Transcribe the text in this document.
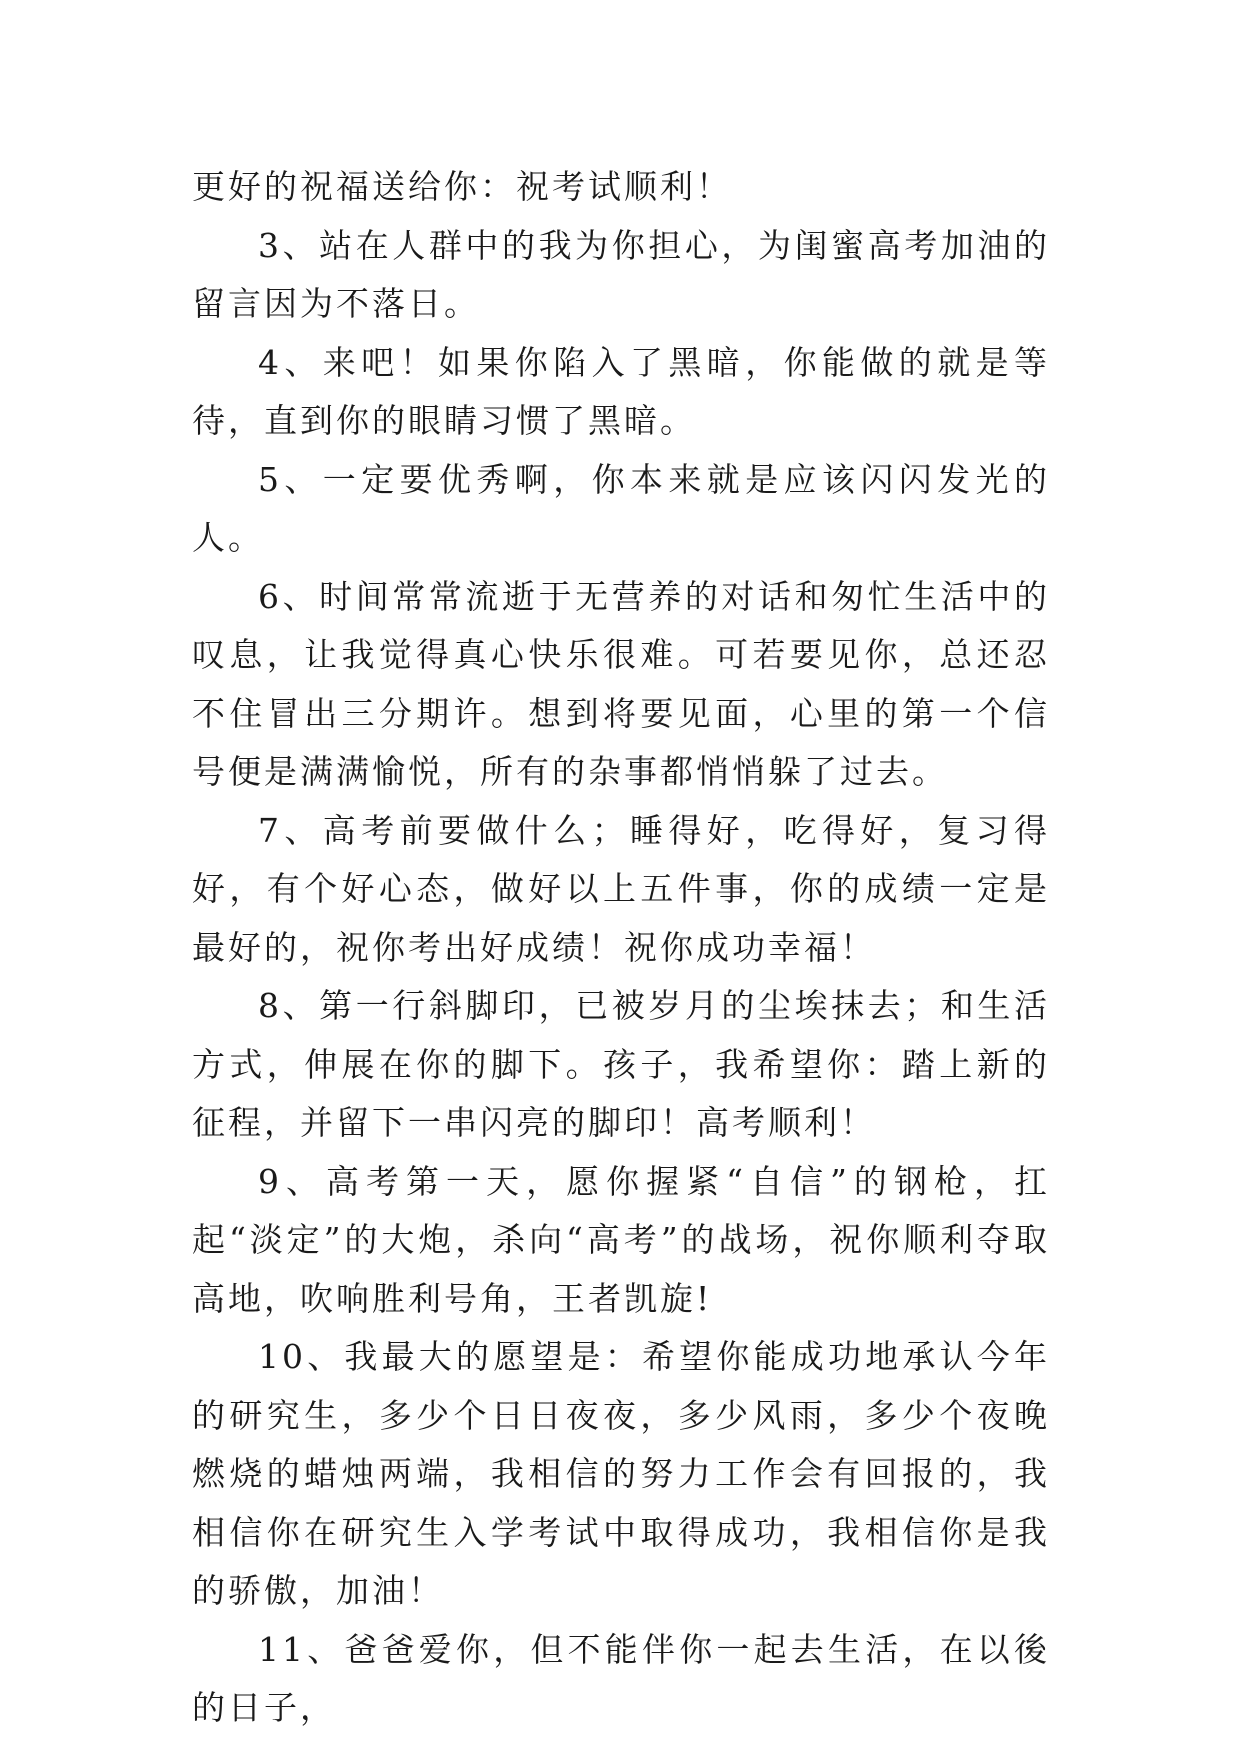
更好的祝福送给你：祝考试顺利！

3、站在人群中的我为你担心，为闺蜜高考加油的留言因为不落日。

4、来吧！如果你陷入了黑暗，你能做的就是等待，直到你的眼睛习惯了黑暗。

5、一定要优秀啊，你本来就是应该闪闪发光的人。

6、时间常常流逝于无营养的对话和匆忙生活中的叹息，让我觉得真心快乐很难。可若要见你，总还忍不住冒出三分期许。想到将要见面，心里的第一个信号便是满满愉悦，所有的杂事都悄悄躲了过去。

7、高考前要做什么；睡得好，吃得好，复习得好，有个好心态，做好以上五件事，你的成绩一定是最好的，祝你考出好成绩！祝你成功幸福！

8、第一行斜脚印，已被岁月的尘埃抹去；和生活方式，伸展在你的脚下。孩子，我希望你：踏上新的征程，并留下一串闪亮的脚印！高考顺利！

9、高考第一天，愿你握紧“自信”的钢枪，扛起“淡定”的大炮，杀向“高考”的战场，祝你顺利夺取高地，吹响胜利号角，王者凯旋!

10、我最大的愿望是：希望你能成功地承认今年的研究生，多少个日日夜夜，多少风雨，多少个夜晚燃烧的蜡烛两端，我相信的努力工作会有回报的，我相信你在研究生入学考试中取得成功，我相信你是我的骄傲，加油！

11、爸爸爱你，但不能伴你一起去生活，在以後的日子，
